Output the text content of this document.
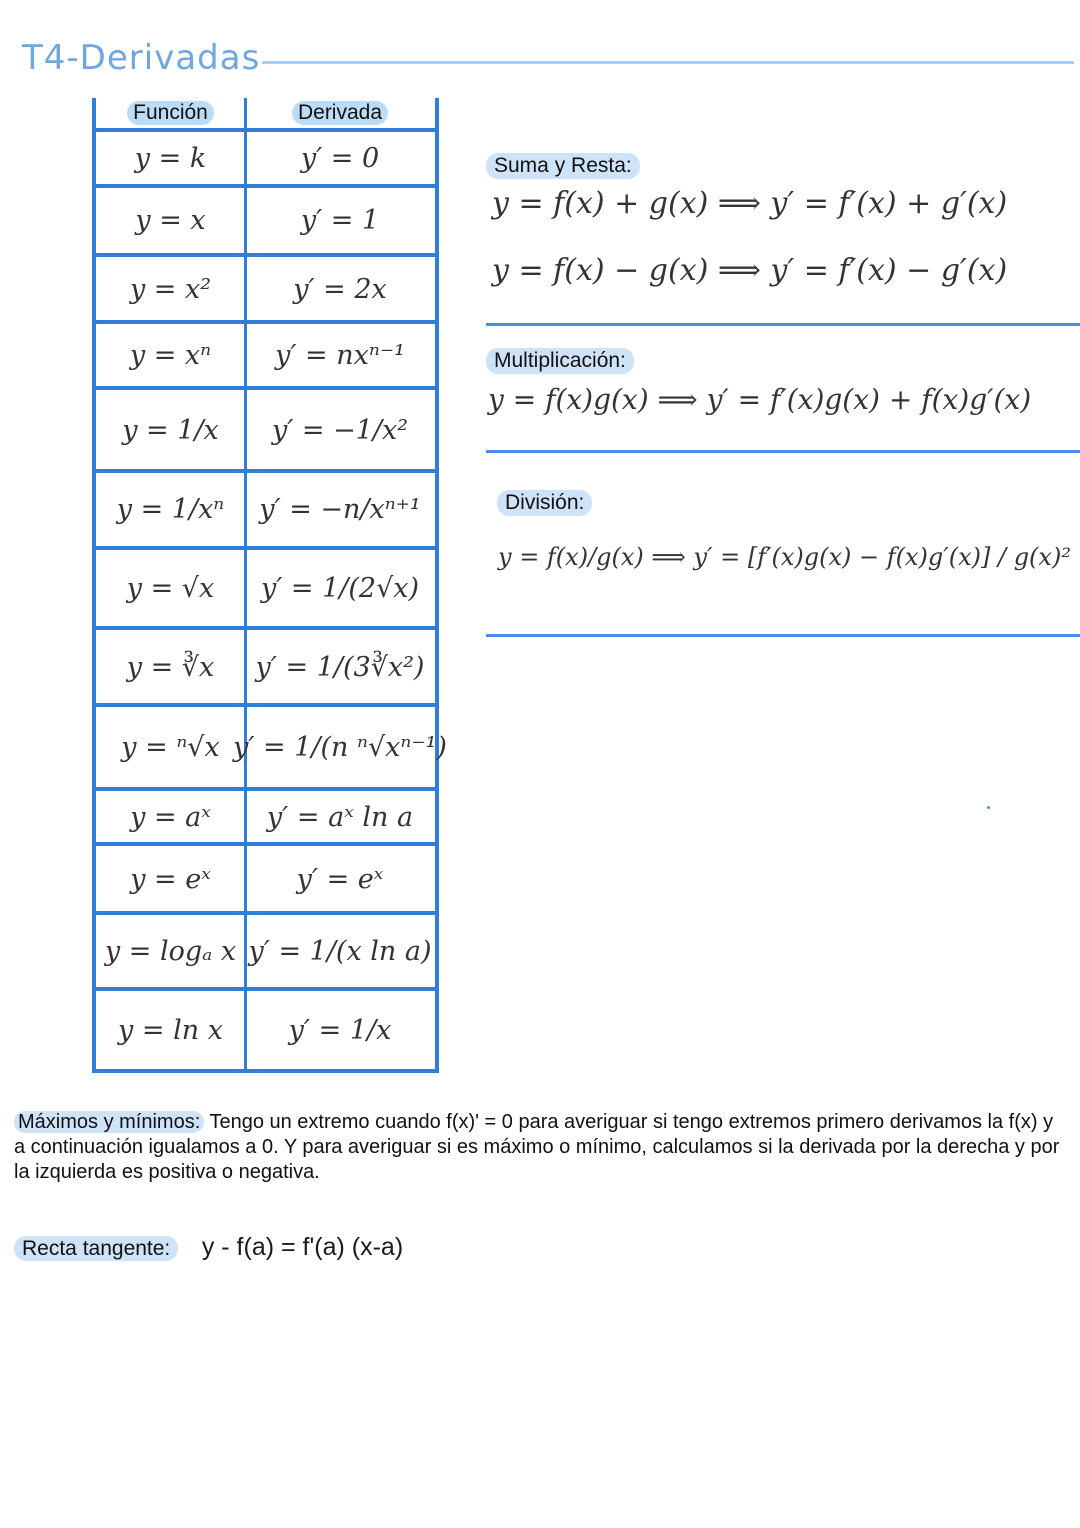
T4-Derivadas
Función	Derivada
y = k	y′ = 0
y = x	y′ = 1
y = x²	y′ = 2x
y = xⁿ	y′ = nxⁿ⁻¹
y = 1/x	y′ = −1/x²
y = 1/xⁿ	y′ = −n/xⁿ⁺¹
y = √x	y′ = 1/(2√x)
y = ∛x	y′ = 1/(3∛x²)
y = ⁿ√x y′ = 1/(n ⁿ√xⁿ⁻¹)
y = aˣ	y′ = aˣ ln a
y = eˣ	y′ = eˣ
y = logₐ x y′ = 1/(x ln a)
y = ln x	y′ = 1/x
Suma y Resta:
y = f(x) + g(x) ⟹ y′ = f′(x) + g′(x)
y = f(x) − g(x) ⟹ y′ = f′(x) − g′(x)
Multiplicación:
y = f(x)g(x) ⟹ y′ = f′(x)g(x) + f(x)g′(x)
División:
y = f(x)/g(x) ⟹ y′ = [f′(x)g(x) − f(x)g′(x)] / g(x)²
Máximos y mínimos: Tengo un extremo cuando f(x)' = 0 para averiguar si tengo extremos primero derivamos la f(x) y a continuación igualamos a 0. Y para averiguar si es máximo o mínimo, calculamos si la derivada por la derecha y por la izquierda es positiva o negativa.
Recta tangente: y - f(a) = f'(a) (x-a)
